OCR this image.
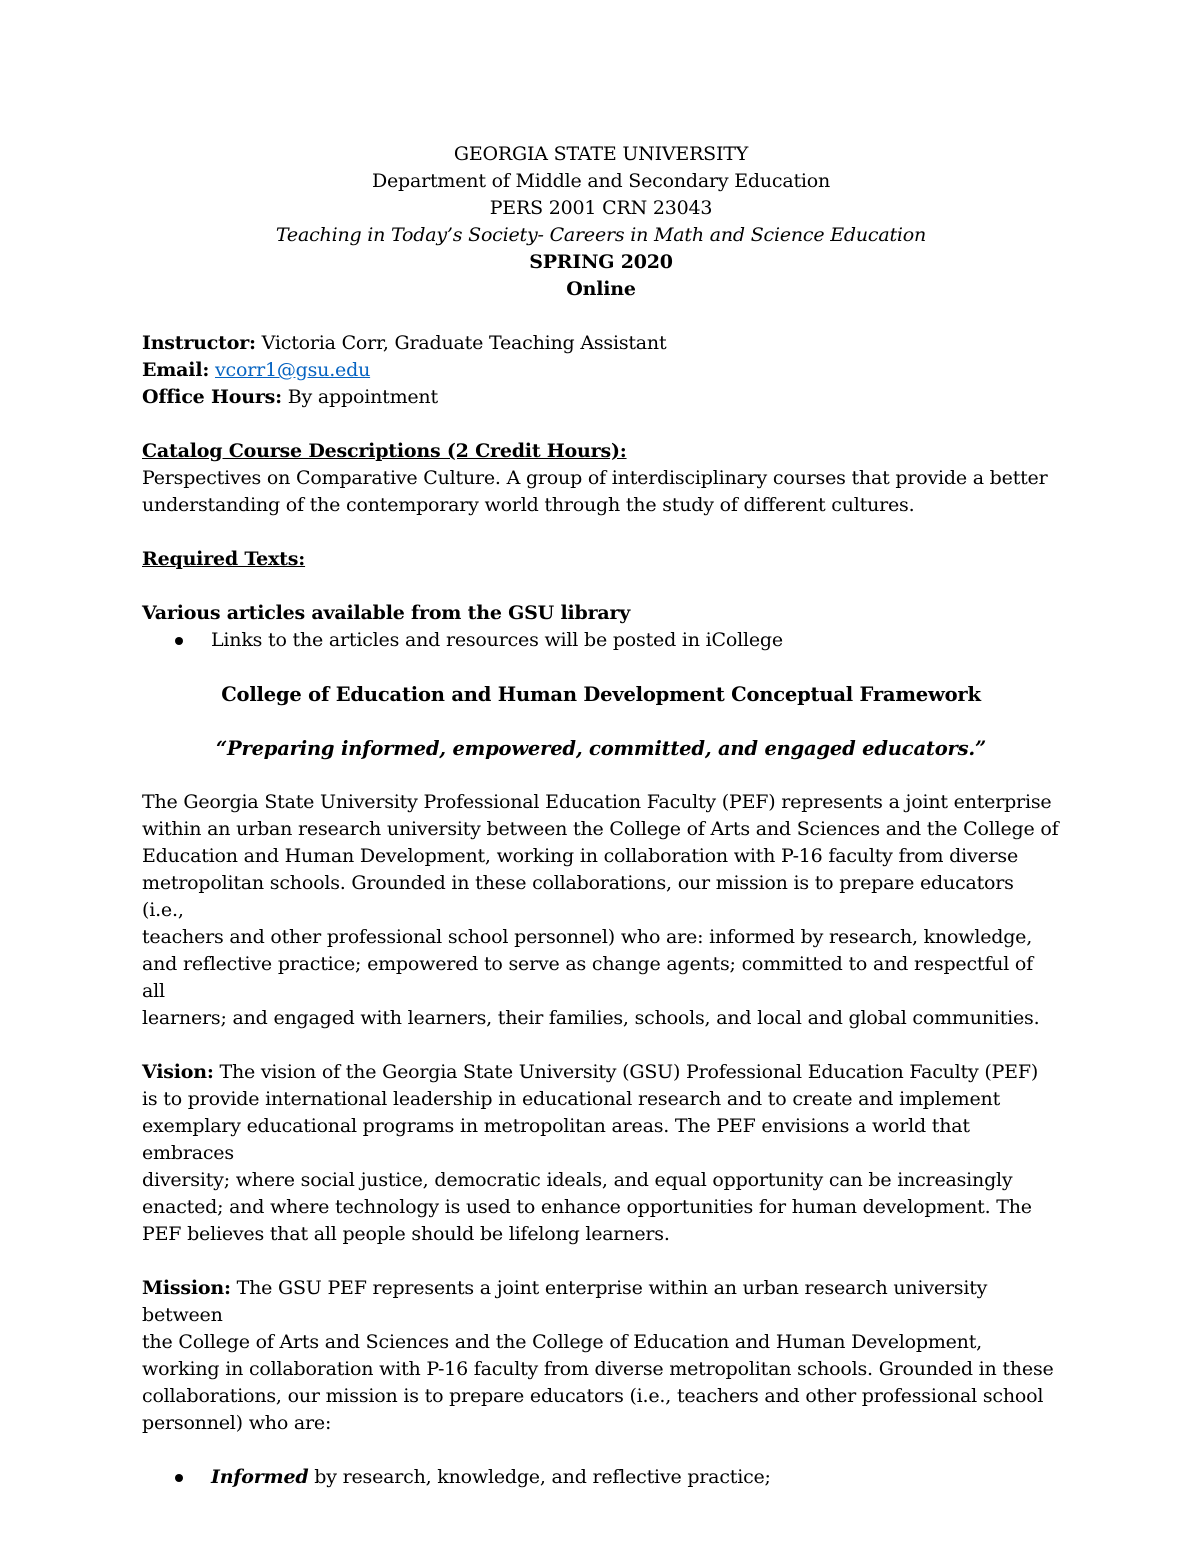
GEORGIA STATE UNIVERSITY
Department of Middle and Secondary Education
PERS 2001 CRN 23043
Teaching in Today’s Society- Careers in Math and Science Education
SPRING 2020
Online
Instructor: Victoria Corr, Graduate Teaching Assistant
Email: vcorr1@gsu.edu
Office Hours: By appointment
Catalog Course Descriptions (2 Credit Hours):
Perspectives on Comparative Culture. A group of interdisciplinary courses that provide a better
understanding of the contemporary world through the study of different cultures.
Required Texts:
Various articles available from the GSU library
Links to the articles and resources will be posted in iCollege
College of Education and Human Development Conceptual Framework
“Preparing informed, empowered, committed, and engaged educators.”
The Georgia State University Professional Education Faculty (PEF) represents a joint enterprise
within an urban research university between the College of Arts and Sciences and the College of
Education and Human Development, working in collaboration with P-16 faculty from diverse
metropolitan schools. Grounded in these collaborations, our mission is to prepare educators (i.e.,
teachers and other professional school personnel) who are: informed by research, knowledge,
and reflective practice; empowered to serve as change agents; committed to and respectful of all
learners; and engaged with learners, their families, schools, and local and global communities.
Vision: The vision of the Georgia State University (GSU) Professional Education Faculty (PEF)
is to provide international leadership in educational research and to create and implement
exemplary educational programs in metropolitan areas. The PEF envisions a world that embraces
diversity; where social justice, democratic ideals, and equal opportunity can be increasingly
enacted; and where technology is used to enhance opportunities for human development. The
PEF believes that all people should be lifelong learners.
Mission: The GSU PEF represents a joint enterprise within an urban research university between
the College of Arts and Sciences and the College of Education and Human Development,
working in collaboration with P-16 faculty from diverse metropolitan schools. Grounded in these
collaborations, our mission is to prepare educators (i.e., teachers and other professional school
personnel) who are:
Informed by research, knowledge, and reflective practice;
